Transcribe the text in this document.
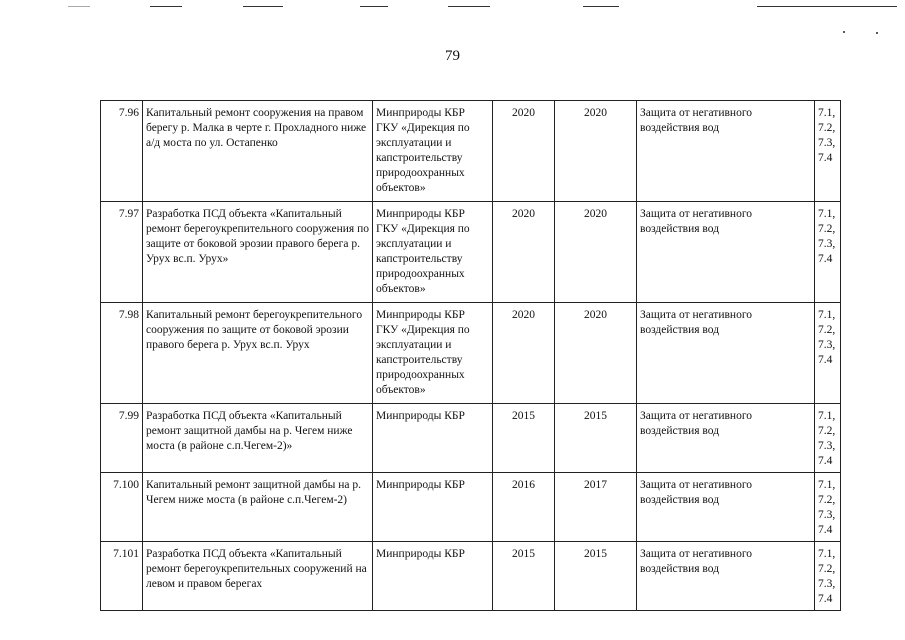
79
7.96	Капитальный ремонт сооружения на правом берегу р. Малка в черте г. Прохладного ниже а/д моста по ул. Остапенко	Минприроды КБР ГКУ «Дирекция по эксплуатации и капстроительству природоохранных объектов»	2020	2020	Защита от негативного воздействия вод	7.1, 7.2, 7.3, 7.4
7.97	Разработка ПСД объекта «Капитальный ремонт берегоукрепительного сооружения по защите от боковой эрозии правого берега р. Урух вс.п. Урух»	Минприроды КБР ГКУ «Дирекция по эксплуатации и капстроительству природоохранных объектов»	2020	2020	Защита от негативного воздействия вод	7.1, 7.2, 7.3, 7.4
7.98	Капитальный ремонт берегоукрепительного сооружения по защите от боковой эрозии правого берега р. Урух вс.п. Урух	Минприроды КБР ГКУ «Дирекция по эксплуатации и капстроительству природоохранных объектов»	2020	2020	Защита от негативного воздействия вод	7.1, 7.2, 7.3, 7.4
7.99	Разработка ПСД объекта «Капитальный ремонт защитной дамбы на р. Чегем ниже моста (в районе с.п.Чегем-2)»	Минприроды КБР	2015	2015	Защита от негативного воздействия вод	7.1, 7.2, 7.3, 7.4
7.100	Капитальный ремонт защитной дамбы на р. Чегем ниже моста (в районе с.п.Чегем-2)	Минприроды КБР	2016	2017	Защита от негативного воздействия вод	7.1, 7.2, 7.3, 7.4
7.101	Разработка ПСД объекта «Капитальный ремонт берегоукрепительных сооружений на левом и правом берегах	Минприроды КБР	2015	2015	Защита от негативного воздействия вод	7.1, 7.2, 7.3, 7.4
